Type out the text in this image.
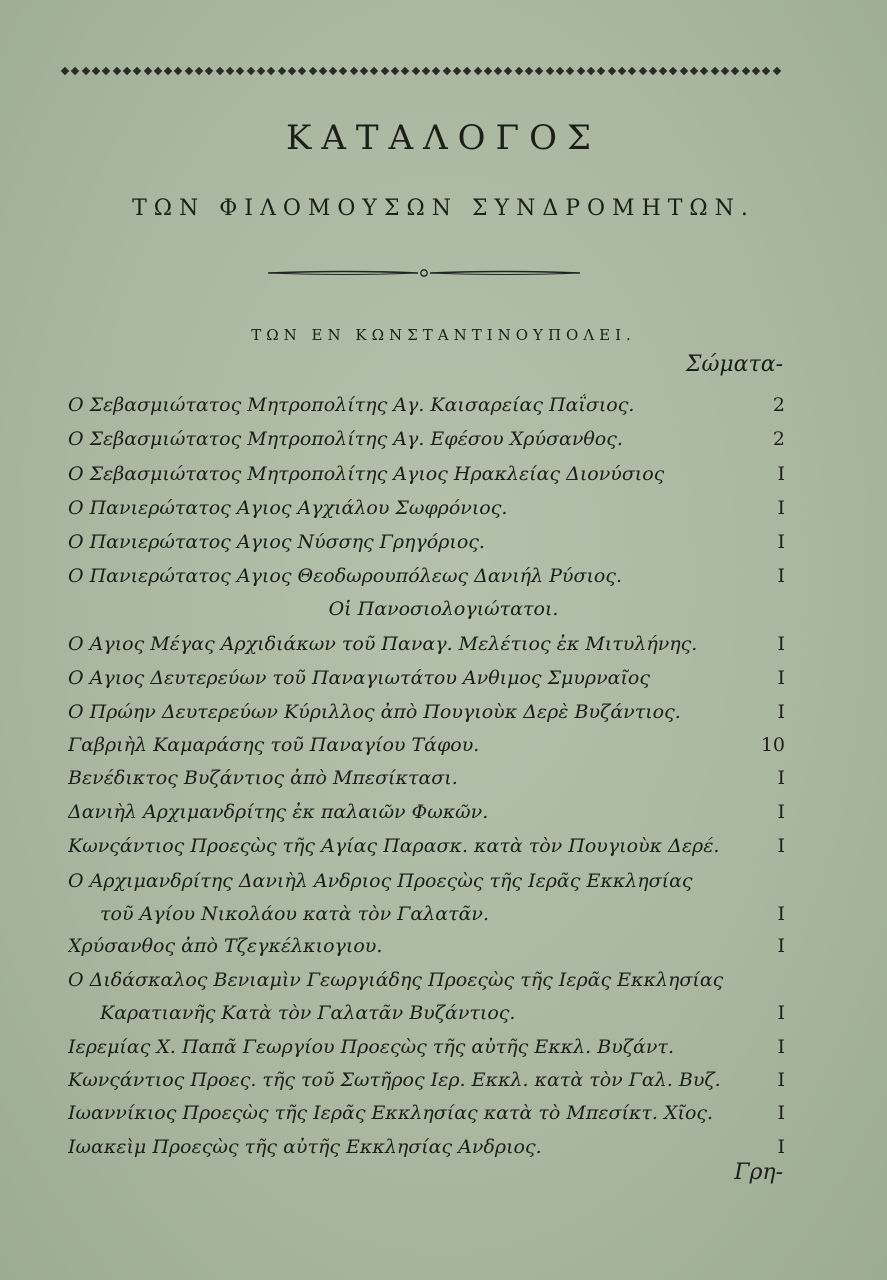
ΚΑΤΑΛΟΓΟΣ
ΤΩΝ ΦΙΛΟΜΟΥΣΩΝ ΣΥΝΔΡΟΜΗΤΩΝ.
ΤΩΝ ΕΝ ΚΩΝΣΤΑΝΤΙΝΟΥΠΟΛΕΙ.
Σώματα-
Ο Σεβασμιώτατος Μητροπολίτης Αγ. Καισαρείας Παΐσιος.	2
Ο Σεβασμιώτατος Μητροπολίτης Αγ. Εφέσου Χρύσανθος.	2
Ο Σεβασμιώτατος Μητροπολίτης Αγιος Ηρακλείας Διονύσιος	I
Ο Πανιερώτατος Αγιος Αγχιάλου Σωφρόνιος.	I
Ο Πανιερώτατος Αγιος Νύσσης Γρηγόριος.	I
Ο Πανιερώτατος Αγιος Θεοδωρουπόλεως Δανιήλ Ρύσιος.	I
Οἱ Πανοσιολογιώτατοι.
Ο Αγιος Μέγας Αρχιδιάκων τοῦ Παναγ. Μελέτιος ἐκ Μιτυλήνης.	I
Ο Αγιος Δευτερεύων τοῦ Παναγιωτάτου Ανθιμος Σμυρναῖος	I
Ο Πρώην Δευτερεύων Κύριλλος ἀπὸ Πουγιοὺκ Δερὲ Βυζάντιος.	I
Γαβριὴλ Καμαράσης τοῦ Παναγίου Τάφου.	10
Βενέδικτος Βυζάντιος ἀπὸ Μπεσίκτασι.	I
Δανιὴλ Αρχιμανδρίτης ἐκ παλαιῶν Φωκῶν.	I
Κωνςάντιος Προεςὼς τῆς Αγίας Παρασκ. κατὰ τὸν Πουγιοὺκ Δερέ.	I
Ο Αρχιμανδρίτης Δανιὴλ Ανδριος Προεςὼς τῆς Ιερᾶς Εκκλησίας
τοῦ Αγίου Νικολάου κατὰ τὸν Γαλατᾶν.	I
Χρύσανθος ἀπὸ Τζεγκέλκιογιου.	I
Ο Διδάσκαλος Βενιαμὶν Γεωργιάδης Προεςὼς τῆς Ιερᾶς Εκκλησίας
Καρατιανῆς Κατὰ τὸν Γαλατᾶν Βυζάντιος.	I
Ιερεμίας Χ. Παπᾶ Γεωργίου Προεςὼς τῆς αὐτῆς Εκκλ. Βυζάντ.	I
Κωνςάντιος Προες. τῆς τοῦ Σωτῆρος Ιερ. Εκκλ. κατὰ τὸν Γαλ. Βυζ.	I
Ιωαννίκιος Προεςὼς τῆς Ιερᾶς Εκκλησίας κατὰ τὸ Μπεσίκτ. Χῖος.	I
Ιωακεὶμ Προεςὼς τῆς αὐτῆς Εκκλησίας Ανδριος.	I
Γρη-
